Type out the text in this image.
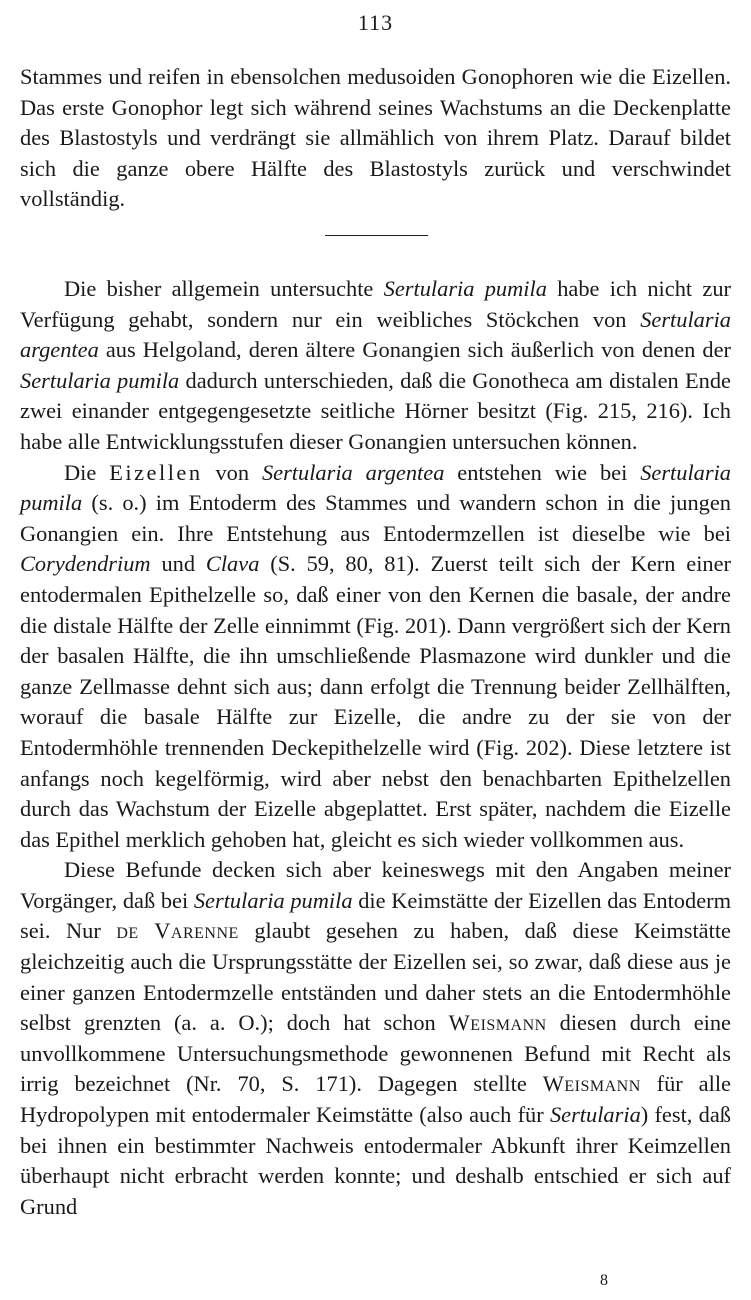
113

Stammes und reifen in ebensolchen medusoiden Gonophoren wie die Eizellen. Das erste Gonophor legt sich während seines Wachstums an die Deckenplatte des Blastostyls und verdrängt sie allmählich von ihrem Platz. Darauf bildet sich die ganze obere Hälfte des Blastostyls zurück und verschwindet vollständig.

Die bisher allgemein untersuchte Sertularia pumila habe ich nicht zur Verfügung gehabt, sondern nur ein weibliches Stöckchen von Sertularia argentea aus Helgoland, deren ältere Gonangien sich äußerlich von denen der Sertularia pumila dadurch unterschieden, daß die Gonotheca am distalen Ende zwei einander entgegengesetzte seitliche Hörner besitzt (Fig. 215, 216). Ich habe alle Entwicklungsstufen dieser Gonangien untersuchen können.

Die Eizellen von Sertularia argentea entstehen wie bei Sertularia pumila (s. o.) im Entoderm des Stammes und wandern schon in die jungen Gonangien ein. Ihre Entstehung aus Entodermzellen ist dieselbe wie bei Corydendrium und Clava (S. 59, 80, 81). Zuerst teilt sich der Kern einer entodermalen Epithelzelle so, daß einer von den Kernen die basale, der andre die distale Hälfte der Zelle einnimmt (Fig. 201). Dann vergrößert sich der Kern der basalen Hälfte, die ihn umschließende Plasmazone wird dunkler und die ganze Zellmasse dehnt sich aus; dann erfolgt die Trennung beider Zellhälften, worauf die basale Hälfte zur Eizelle, die andre zu der sie von der Entodermhöhle trennenden Deckepithelzelle wird (Fig. 202). Diese letztere ist anfangs noch kegelförmig, wird aber nebst den benachbarten Epithelzellen durch das Wachstum der Eizelle abgeplattet. Erst später, nachdem die Eizelle das Epithel merklich gehoben hat, gleicht es sich wieder vollkommen aus.

Diese Befunde decken sich aber keineswegs mit den Angaben meiner Vorgänger, daß bei Sertularia pumila die Keimstätte der Eizellen das Entoderm sei. Nur de Varenne glaubt gesehen zu haben, daß diese Keimstätte gleichzeitig auch die Ursprungsstätte der Eizellen sei, so zwar, daß diese aus je einer ganzen Entodermzelle entständen und daher stets an die Entodermhöhle selbst grenzten (a. a. O.); doch hat schon Weismann diesen durch eine unvollkommene Untersuchungsmethode gewonnenen Befund mit Recht als irrig bezeichnet (Nr. 70, S. 171). Dagegen stellte Weismann für alle Hydropolypen mit entodermaler Keimstätte (also auch für Sertularia) fest, daß bei ihnen ein bestimmter Nachweis entodermaler Abkunft ihrer Keimzellen überhaupt nicht erbracht werden konnte; und deshalb entschied er sich auf Grund

8
